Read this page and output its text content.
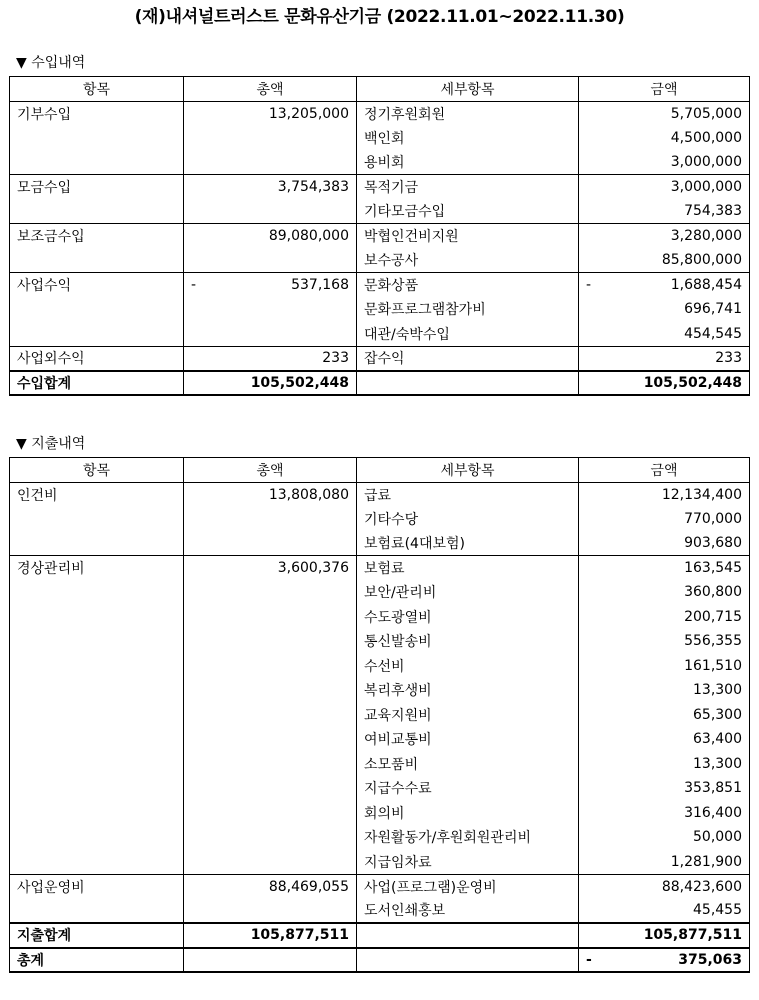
(재)내셔널트러스트 문화유산기금 (2022.11.01~2022.11.30)
▼ 수입내역
항목	총액	세부항목	금액
기부수입	13,205,000	정기후원회원	5,705,000
		백인회	4,500,000
		용비회	3,000,000
모금수입	3,754,383	목적기금	3,000,000
		기타모금수입	754,383
보조금수입	89,080,000	박협인건비지원	3,280,000
		보수공사	85,800,000
사업수익	- 537,168	문화상품	- 1,688,454
		문화프로그램참가비	696,741
		대관/숙박수입	454,545
사업외수익	233	잡수익	233
수입합계	105,502,448		105,502,448
▼ 지출내역
항목	총액	세부항목	금액
인건비	13,808,080	급료	12,134,400
		기타수당	770,000
		보험료(4대보험)	903,680
경상관리비	3,600,376	보험료	163,545
		보안/관리비	360,800
		수도광열비	200,715
		통신발송비	556,355
		수선비	161,510
		복리후생비	13,300
		교육지원비	65,300
		여비교통비	63,400
		소모품비	13,300
		지급수수료	353,851
		회의비	316,400
		자원활동가/후원회원관리비	50,000
		지급임차료	1,281,900
사업운영비	88,469,055	사업(프로그램)운영비	88,423,600
		도서인쇄홍보	45,455
지출합계	105,877,511		105,877,511
총계			- 375,063
